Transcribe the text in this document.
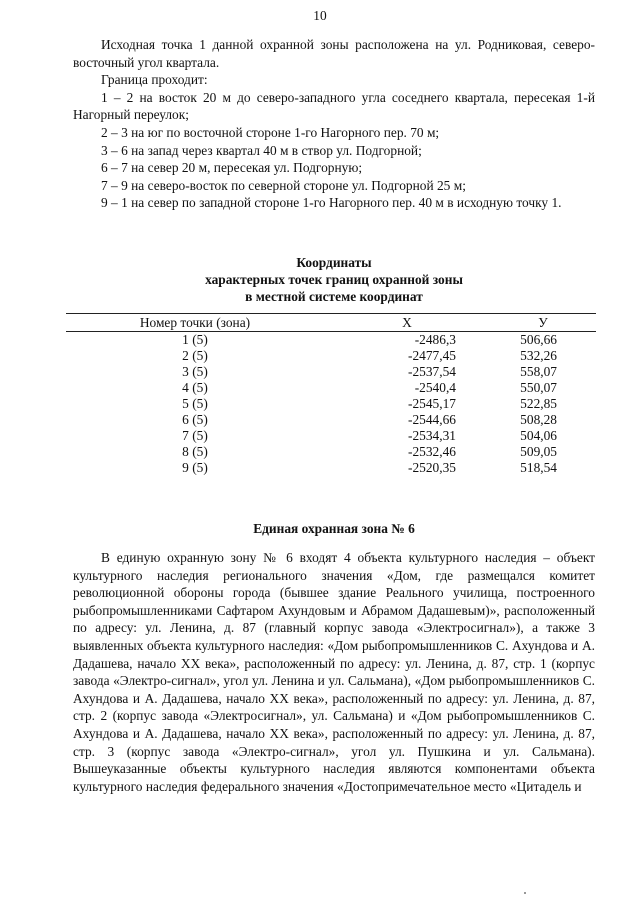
10

Исходная точка 1 данной охранной зоны расположена на ул. Родниковая, северо-восточный угол квартала.

Граница проходит:

1 – 2 на восток 20 м до северо-западного угла соседнего квартала, пересекая 1-й Нагорный переулок;

2 – 3 на юг по восточной стороне 1-го Нагорного пер. 70 м;

3 – 6 на запад через квартал 40 м в створ ул. Подгорной;

6 – 7 на север 20 м, пересекая ул. Подгорную;

7 – 9 на северо-восток по северной стороне ул. Подгорной 25 м;

9 – 1 на север по западной стороне 1-го Нагорного пер. 40 м в исходную точку 1.

Координаты

характерных точек границ охранной зоны

в местной системе координат

Номер точки (зона)	X	У
1 (5)	-2486,3	506,66
2 (5)	-2477,45	532,26
3 (5)	-2537,54	558,07
4 (5)	-2540,4	550,07
5 (5)	-2545,17	522,85
6 (5)	-2544,66	508,28
7 (5)	-2534,31	504,06
8 (5)	-2532,46	509,05
9 (5)	-2520,35	518,54

Единая охранная зона № 6

В единую охранную зону № 6 входят 4 объекта культурного наследия – объект культурного наследия регионального значения «Дом, где размещался комитет революционной обороны города (бывшее здание Реального училища, построенного рыбопромышленниками Сафтаром Ахундовым и Абрамом Дадашевым)», расположенный по адресу: ул. Ленина, д. 87 (главный корпус завода «Электросигнал»), а также 3 выявленных объекта культурного наследия: «Дом рыбопромышленников С. Ахундова и А. Дадашева, начало XX века», расположенный по адресу: ул. Ленина, д. 87, стр. 1 (корпус завода «Электро-сигнал», угол ул. Ленина и ул. Сальмана), «Дом рыбопромышленников С. Ахундова и А. Дадашева, начало XX века», расположенный по адресу: ул. Ленина, д. 87, стр. 2 (корпус завода «Электросигнал», ул. Сальмана) и «Дом рыбопромышленников С. Ахундова и А. Дадашева, начало XX века», расположенный по адресу: ул. Ленина, д. 87, стр. 3 (корпус завода «Электро-сигнал», угол ул. Пушкина и ул. Сальмана). Вышеуказанные объекты культурного наследия являются компонентами объекта культурного наследия федерального значения «Достопримечательное место «Цитадель и
